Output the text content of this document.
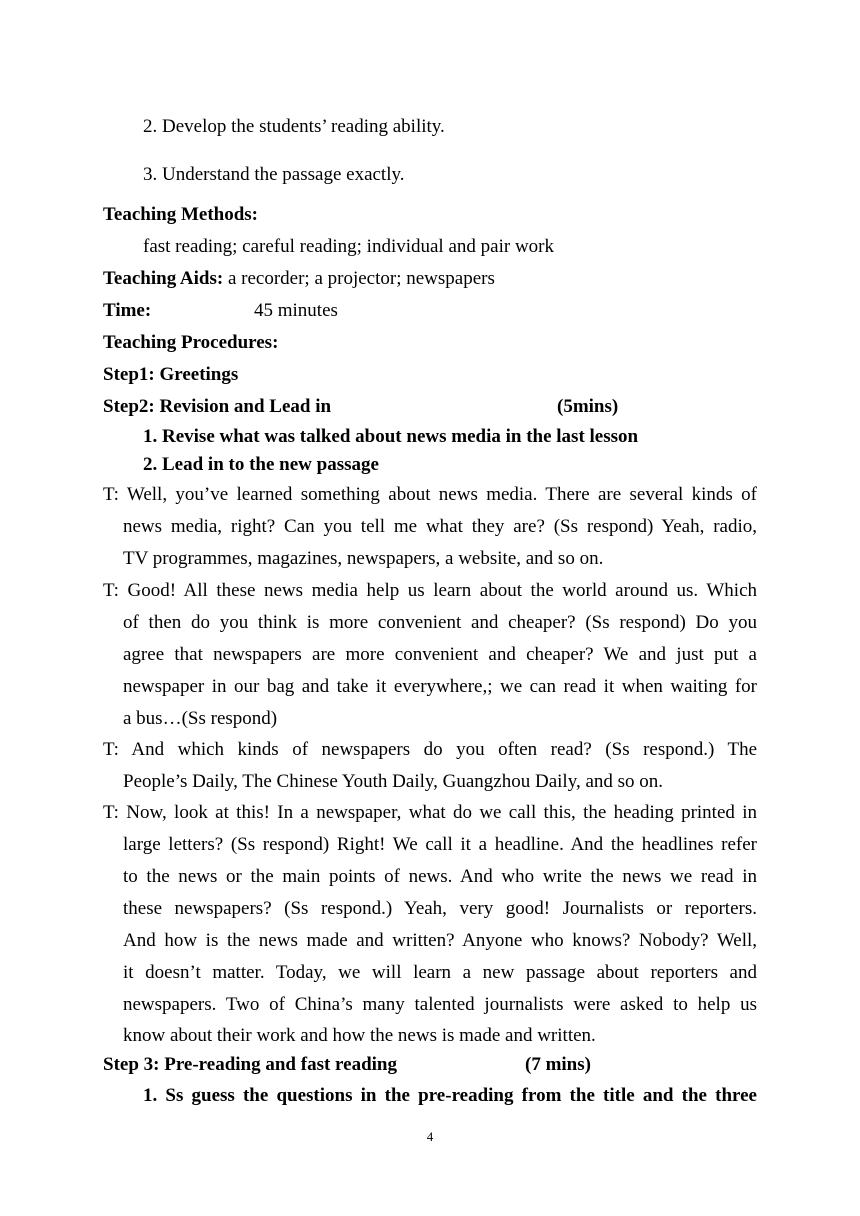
2. Develop the students’ reading ability.
3. Understand the passage exactly.
Teaching Methods:
fast reading; careful reading; individual and pair work
Teaching Aids: a recorder; a projector; newspapers
Time:	45 minutes
Teaching Procedures:
Step1: Greetings
Step2: Revision and Lead in	(5mins)
1. Revise what was talked about news media in the last lesson
2. Lead in to the new passage
T: Well, you’ve learned something about news media. There are several kinds of
news media, right? Can you tell me what they are? (Ss respond) Yeah, radio,
TV programmes, magazines, newspapers, a website, and so on.
T: Good! All these news media help us learn about the world around us. Which
of then do you think is more convenient and cheaper? (Ss respond) Do you
agree that newspapers are more convenient and cheaper? We and just put a
newspaper in our bag and take it everywhere,; we can read it when waiting for
a bus…(Ss respond)
T: And which kinds of newspapers do you often read? (Ss respond.) The
People’s Daily, The Chinese Youth Daily, Guangzhou Daily, and so on.
T: Now, look at this! In a newspaper, what do we call this, the heading printed in
large letters? (Ss respond) Right! We call it a headline. And the headlines refer
to the news or the main points of news. And who write the news we read in
these newspapers? (Ss respond.) Yeah, very good! Journalists or reporters.
And how is the news made and written? Anyone who knows? Nobody? Well,
it doesn’t matter. Today, we will learn a new passage about reporters and
newspapers. Two of China’s many talented journalists were asked to help us
know about their work and how the news is made and written.
Step 3: Pre-reading and fast reading	(7 mins)
1. Ss guess the questions in the pre-reading from the title and the three
4
